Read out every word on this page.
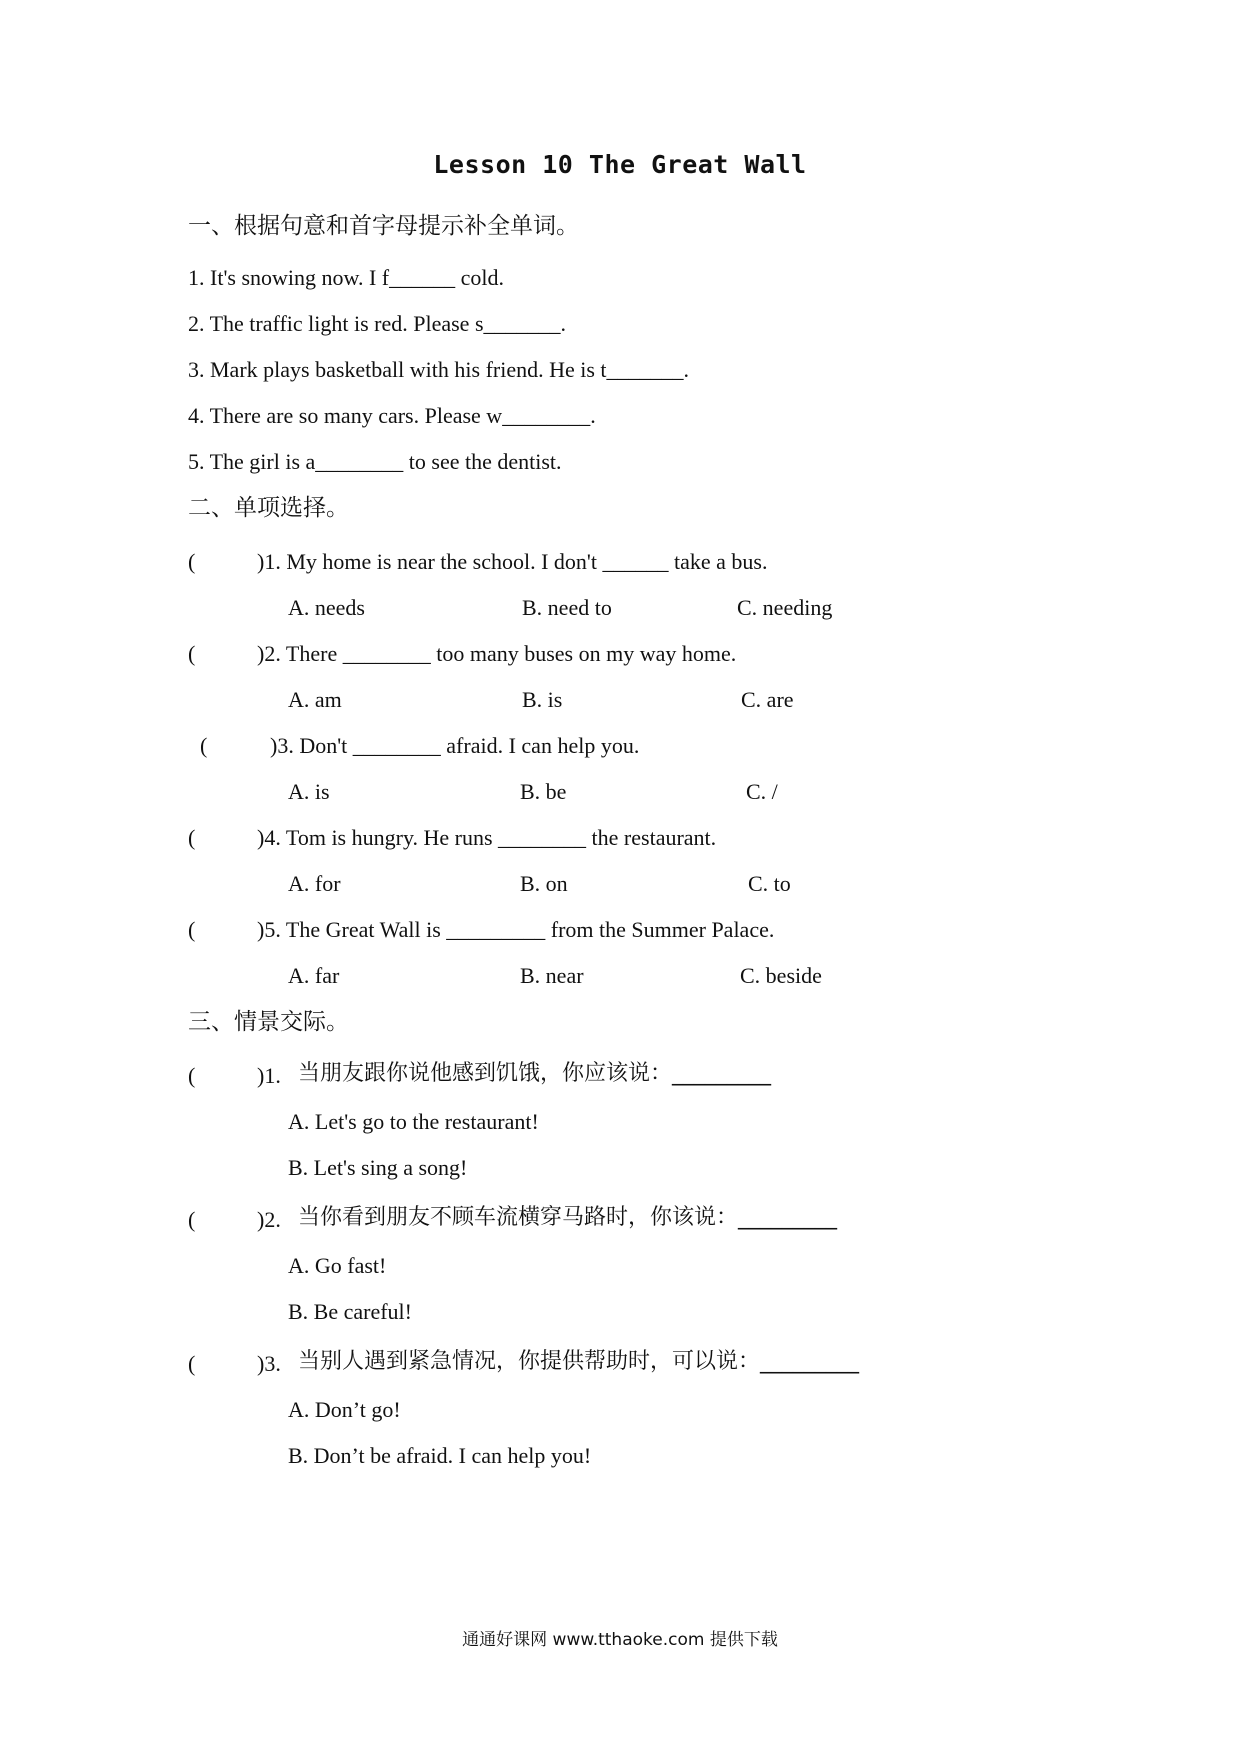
Lesson 10 The Great Wall
一、根据句意和首字母提示补全单词。
1. It's snowing now. I f______ cold.
2. The traffic light is red. Please s_______.
3. Mark plays basketball with his friend. He is t_______.
4. There are so many cars. Please w________.
5. The girl is a________ to see the dentist.
二、单项选择。
(	)1. My home is near the school. I don't ______ take a bus.
A. needs	B. need to	C. needing
(	)2. There ________ too many buses on my way home.
A. am	B. is	C. are
(	)3. Don't ________ afraid. I can help you.
A. is	B. be	C. /
(	)4. Tom is hungry. He runs ________ the restaurant.
A. for	B. on	C. to
(	)5. The Great Wall is _________ from the Summer Palace.
A. far	B. near	C. beside
三、情景交际。
(	)1. 当朋友跟你说他感到饥饿，你应该说：_________
A. Let's go to the restaurant!
B. Let's sing a song!
(	)2. 当你看到朋友不顾车流横穿马路时，你该说：_________
A. Go fast!
B. Be careful!
(	)3. 当别人遇到紧急情况，你提供帮助时，可以说：_________
A. Don’t go!
B. Don’t be afraid. I can help you!
通通好课网 www.tthaoke.com 提供下载
